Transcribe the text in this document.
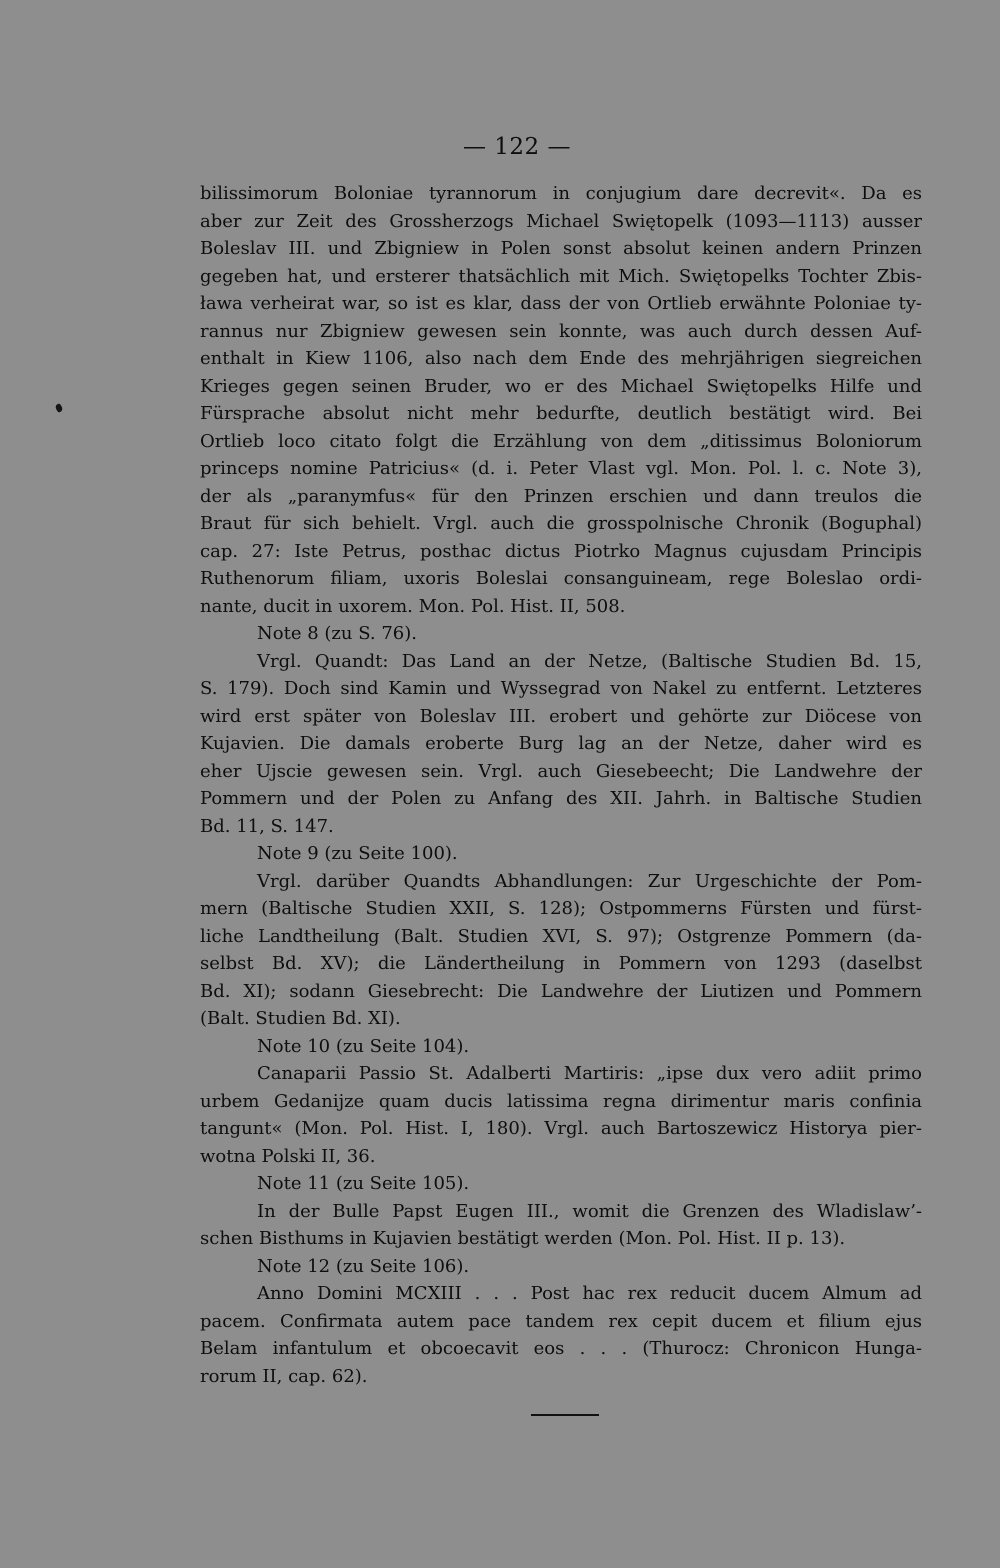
— 122 —
bilissimorum Boloniae tyrannorum in conjugium dare decrevit«. Da es
aber zur Zeit des Grossherzogs Michael Swiętopelk (1093—1113) ausser
Boleslav III. und Zbigniew in Polen sonst absolut keinen andern Prinzen
gegeben hat, und ersterer thatsächlich mit Mich. Swiętopelks Tochter Zbis-
ława verheirat war, so ist es klar, dass der von Ortlieb erwähnte Poloniae ty-
rannus nur Zbigniew gewesen sein konnte, was auch durch dessen Auf-
enthalt in Kiew 1106, also nach dem Ende des mehrjährigen siegreichen
Krieges gegen seinen Bruder, wo er des Michael Swiętopelks Hilfe und
Fürsprache absolut nicht mehr bedurfte, deutlich bestätigt wird. Bei
Ortlieb loco citato folgt die Erzählung von dem „ditissimus Boloniorum
princeps nomine Patricius« (d. i. Peter Vlast vgl. Mon. Pol. l. c. Note 3),
der als „paranymfus« für den Prinzen erschien und dann treulos die
Braut für sich behielt. Vrgl. auch die grosspolnische Chronik (Boguphal)
cap. 27: Iste Petrus, posthac dictus Piotrko Magnus cujusdam Principis
Ruthenorum filiam, uxoris Boleslai consanguineam, rege Boleslao ordi-
nante, ducit in uxorem. Mon. Pol. Hist. II, 508.
Note 8 (zu S. 76).
Vrgl. Quandt: Das Land an der Netze, (Baltische Studien Bd. 15,
S. 179). Doch sind Kamin und Wyssegrad von Nakel zu entfernt. Letzteres
wird erst später von Boleslav III. erobert und gehörte zur Diöcese von
Kujavien. Die damals eroberte Burg lag an der Netze, daher wird es
eher Ujscie gewesen sein. Vrgl. auch Giesebeecht; Die Landwehre der
Pommern und der Polen zu Anfang des XII. Jahrh. in Baltische Studien
Bd. 11, S. 147.
Note 9 (zu Seite 100).
Vrgl. darüber Quandts Abhandlungen: Zur Urgeschichte der Pom-
mern (Baltische Studien XXII, S. 128); Ostpommerns Fürsten und fürst-
liche Landtheilung (Balt. Studien XVI, S. 97); Ostgrenze Pommern (da-
selbst Bd. XV); die Ländertheilung in Pommern von 1293 (daselbst
Bd. XI); sodann Giesebrecht: Die Landwehre der Liutizen und Pommern
(Balt. Studien Bd. XI).
Note 10 (zu Seite 104).
Canaparii Passio St. Adalberti Martiris: „ipse dux vero adiit primo
urbem Gedanijze quam ducis latissima regna dirimentur maris confinia
tangunt« (Mon. Pol. Hist. I, 180). Vrgl. auch Bartoszewicz Historya pier-
wotna Polski II, 36.
Note 11 (zu Seite 105).
In der Bulle Papst Eugen III., womit die Grenzen des Wladislaw’-
schen Bisthums in Kujavien bestätigt werden (Mon. Pol. Hist. II p. 13).
Note 12 (zu Seite 106).
Anno Domini MCXIII . . . Post hac rex reducit ducem Almum ad
pacem. Confirmata autem pace tandem rex cepit ducem et filium ejus
Belam infantulum et obcoecavit eos . . . (Thurocz: Chronicon Hunga-
rorum II, cap. 62).
